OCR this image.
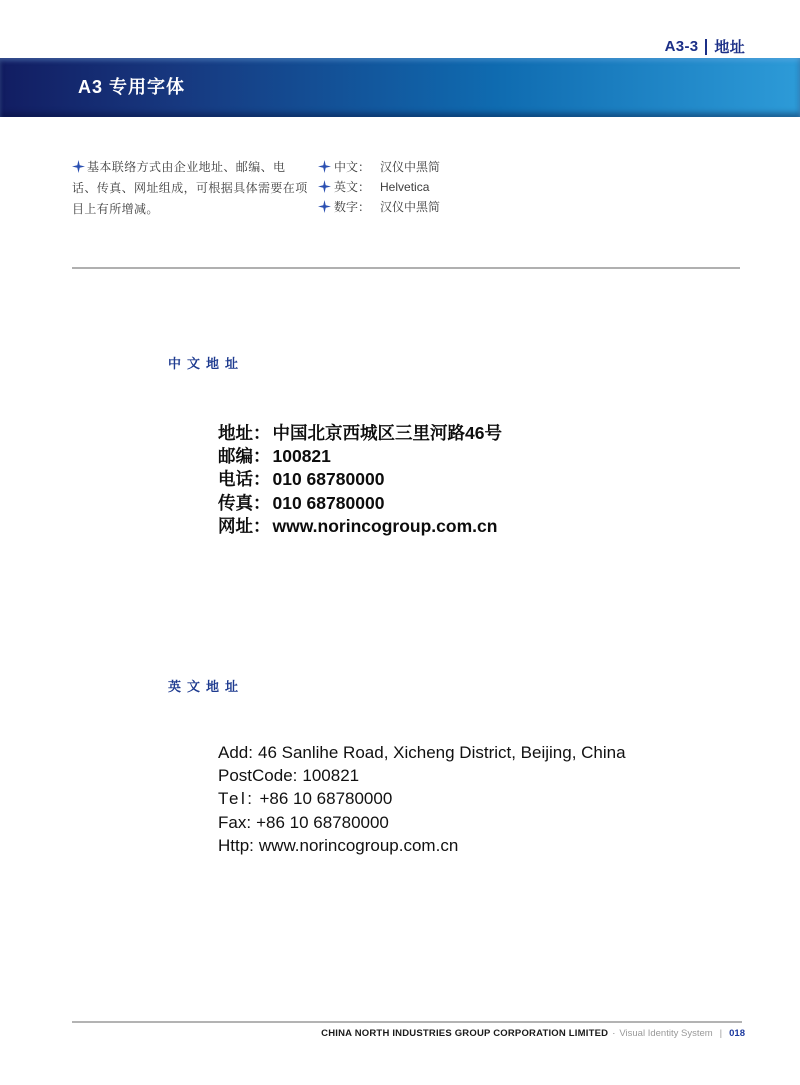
A3-3 地址
A3 专用字体
基本联络方式由企业地址、邮编、电话、传真、网址组成，可根据具体需要在项目上有所增减。
中文： 汉仪中黑简
英文： Helvetica
数字： 汉仪中黑简
中文地址
地址： 中国北京西城区三里河路46号
邮编： 100821
电话： 010 68780000
传真： 010 68780000
网址： www.norincogroup.com.cn
英文地址
Add: 46 Sanlihe Road, Xicheng District, Beijing, China
PostCode: 100821
Tel: +86 10 68780000
Fax: +86 10 68780000
Http: www.norincogroup.com.cn
CHINA NORTH INDUSTRIES GROUP CORPORATION LIMITED · Visual Identity System | 018
